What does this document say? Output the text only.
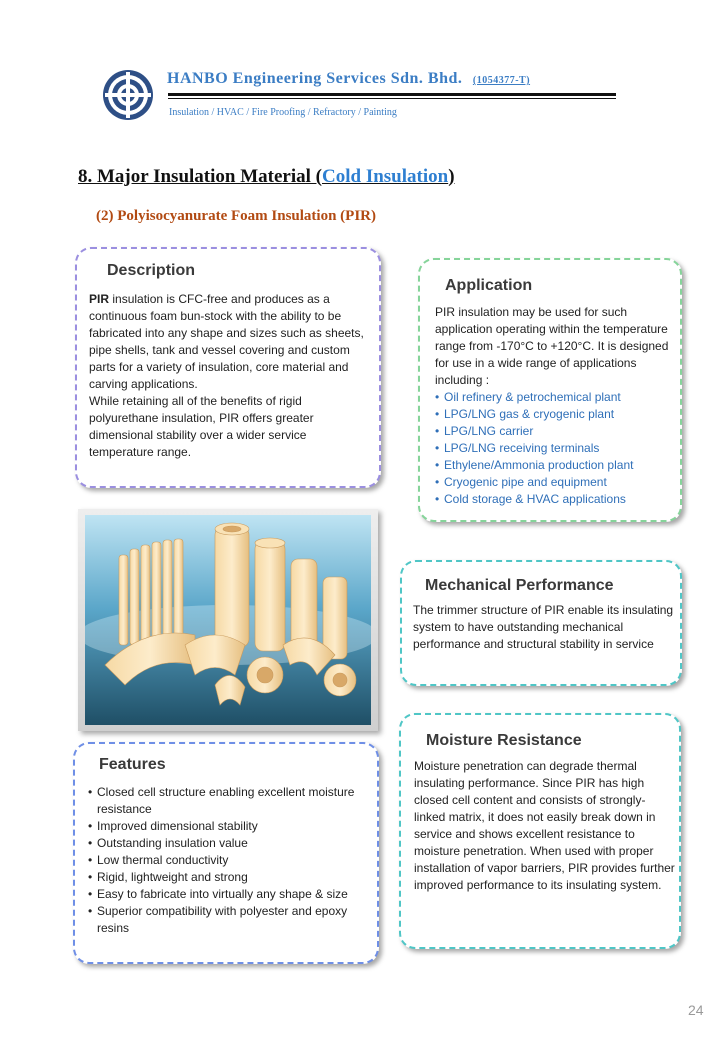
HANBO Engineering Services Sdn. Bhd. (1054377-T)
Insulation / HVAC / Fire Proofing / Refractory / Painting
8. Major Insulation Material (Cold Insulation)
(2) Polyisocyanurate Foam Insulation (PIR)
Description
PIR insulation is CFC-free and produces as a continuous foam bun-stock with the ability to be fabricated into any shape and sizes such as sheets, pipe shells, tank and vessel covering and custom parts for a variety of insulation, core material and carving applications.
While retaining all of the benefits of rigid polyurethane insulation, PIR offers greater dimensional stability over a wider service temperature range.
Application
PIR insulation may be used for such application operating within the temperature range from -170°C to +120°C. It is designed for use in a wide range of applications including :
• Oil refinery & petrochemical plant
• LPG/LNG gas & cryogenic plant
• LPG/LNG carrier
• LPG/LNG receiving terminals
• Ethylene/Ammonia production plant
• Cryogenic pipe and equipment
• Cold storage & HVAC applications
Mechanical Performance
The trimmer structure of PIR enable its insulating system to have outstanding mechanical performance and structural stability in service
Moisture Resistance
Moisture penetration can degrade thermal insulating performance. Since PIR has high closed cell content and consists of strongly-linked matrix, it does not easily break down in service and shows excellent resistance to moisture penetration. When used with proper installation of vapor barriers, PIR provides further improved performance to its insulating system.
Features
• Closed cell structure enabling excellent moisture resistance
• Improved dimensional stability
• Outstanding insulation value
• Low thermal conductivity
• Rigid, lightweight and strong
• Easy to fabricate into virtually any shape & size
• Superior compatibility with polyester and epoxy resins
24
